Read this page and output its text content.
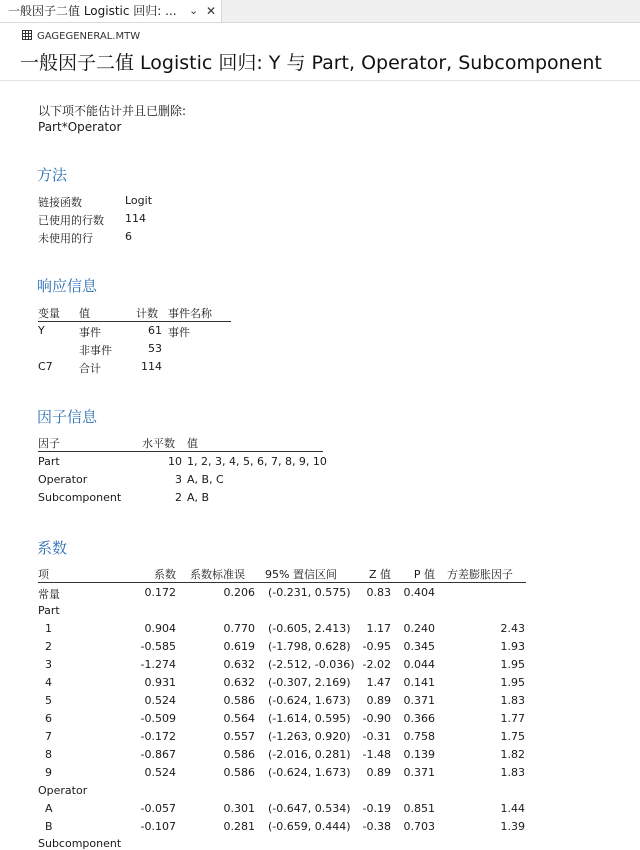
一般因子二值 Logistic 回归: ... ⌄ ✕
GAGEGENERAL.MTW
一般因子二值 Logistic 回归: Y 与 Part, Operator, Subcomponent
以下项不能估计并且已删除:
Part*Operator
方法
链接函数	Logit
已使用的行数 114
未使用的行	6
响应信息
变量 值	计数 事件名称
Y	事件	61 事件
非事件	53
C7 合计	114
因子信息
因子	水平数 值
Part	10 1, 2, 3, 4, 5, 6, 7, 8, 9, 10
Operator	3 A, B, C
Subcomponent	2 A, B
系数
项	系数 系数标准误 95% 置信区间	Z 值	P 值 方差膨胀因子
常量	0.172	0.206 (-0.231, 0.575)	0.83	0.404
Part
1	0.904	0.770 (-0.605, 2.413)	1.17	0.240	2.43
2	-0.585	0.619 (-1.798, 0.628)	-0.95	0.345	1.93
3	-1.274	0.632 (-2.512, -0.036) -2.02	0.044	1.95
4	0.931	0.632 (-0.307, 2.169)	1.47	0.141	1.95
5	0.524	0.586 (-0.624, 1.673)	0.89	0.371	1.83
6	-0.509	0.564 (-1.614, 0.595)	-0.90	0.366	1.77
7	-0.172	0.557 (-1.263, 0.920)	-0.31	0.758	1.75
8	-0.867	0.586 (-2.016, 0.281)	-1.48	0.139	1.82
9	0.524	0.586 (-0.624, 1.673)	0.89	0.371	1.83
Operator
A	-0.057	0.301 (-0.647, 0.534)	-0.19	0.851	1.44
B	-0.107	0.281 (-0.659, 0.444)	-0.38	0.703	1.39
Subcomponent
